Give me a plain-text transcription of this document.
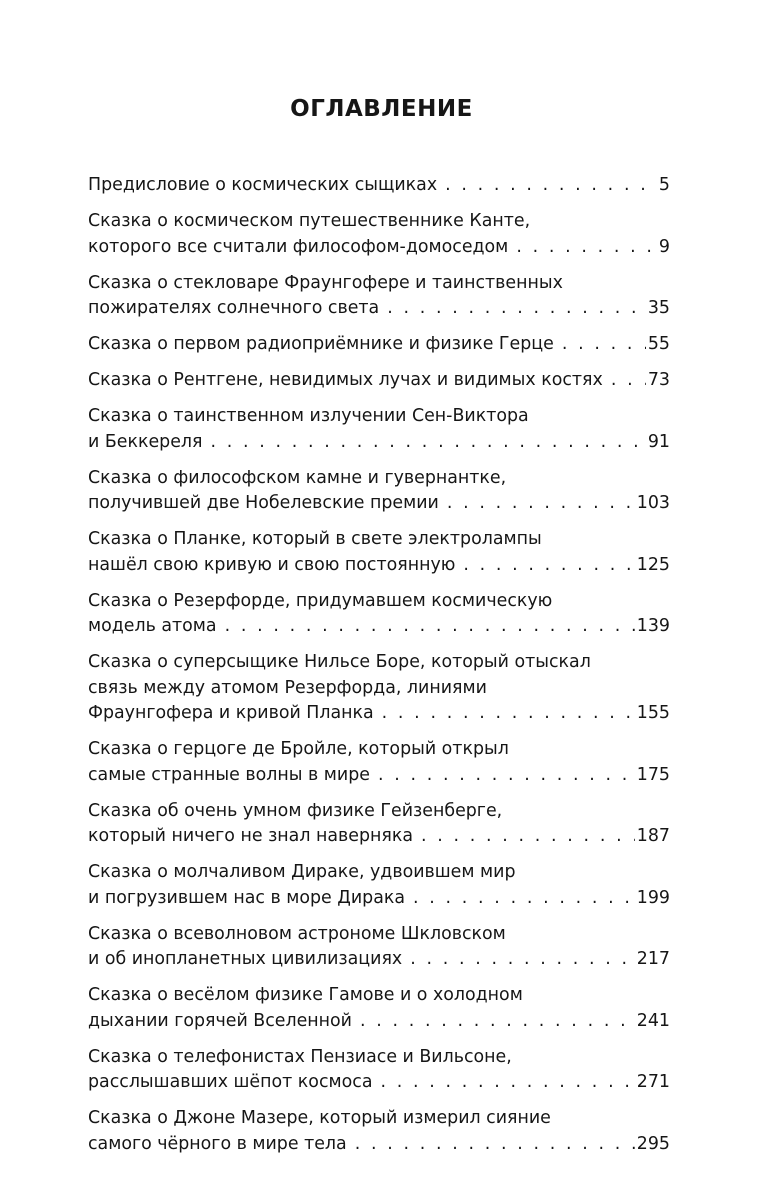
ОГЛАВЛЕНИЕ
Предисловие о космических сыщиках . . .	5
Сказка о космическом путешественнике Канте,
которого все считали философом-домоседом . . .	9
Сказка о стекловаре Фраунгофере и таинственных
пожирателях солнечного света . . .	35
Сказка о первом радиоприёмнике и физике Герце . . .	55
Сказка о Рентгене, невидимых лучах и видимых костях . . .	73
Сказка о таинственном излучении Сен-Виктора
и Беккереля . . .	91
Сказка о философском камне и гувернантке,
получившей две Нобелевские премии . . .	103
Сказка о Планке, который в свете электролампы
нашёл свою кривую и свою постоянную . . .	125
Сказка о Резерфорде, придумавшем космическую
модель атома . . .	139
Сказка о суперсыщике Нильсе Боре, который отыскал
связь между атомом Резерфорда, линиями
Фраунгофера и кривой Планка . . .	155
Сказка о герцоге де Бройле, который открыл
самые странные волны в мире . . .	175
Сказка об очень умном физике Гейзенберге,
который ничего не знал наверняка . . .	187
Сказка о молчаливом Дираке, удвоившем мир
и погрузившем нас в море Дирака . . .	199
Сказка о всеволновом астрономе Шкловском
и об инопланетных цивилизациях . . .	217
Сказка о весёлом физике Гамове и о холодном
дыхании горячей Вселенной . . .	241
Сказка о телефонистах Пензиасе и Вильсоне,
расслышавших шёпот космоса . . .	271
Сказка о Джоне Мазере, который измерил сияние
самого чёрного в мире тела . . .	295
